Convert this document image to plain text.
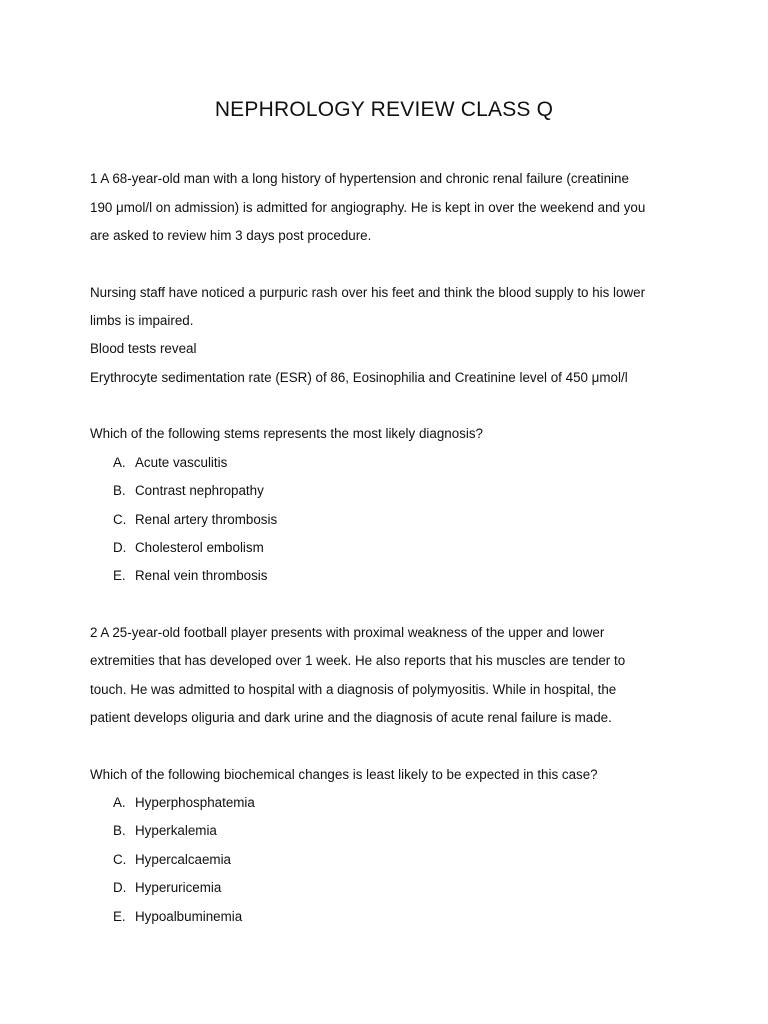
NEPHROLOGY REVIEW CLASS Q

1 A 68-year-old man with a long history of hypertension and chronic renal failure (creatinine

190 μmol/l on admission) is admitted for angiography. He is kept in over the weekend and you

are asked to review him 3 days post procedure.

Nursing staff have noticed a purpuric rash over his feet and think the blood supply to his lower

limbs is impaired.

Blood tests reveal

Erythrocyte sedimentation rate (ESR) of 86, Eosinophilia and Creatinine level of 450 μmol/l

Which of the following stems represents the most likely diagnosis?

A. Acute vasculitis
B. Contrast nephropathy
C. Renal artery thrombosis
D. Cholesterol embolism
E. Renal vein thrombosis

2 A 25-year-old football player presents with proximal weakness of the upper and lower

extremities that has developed over 1 week. He also reports that his muscles are tender to

touch. He was admitted to hospital with a diagnosis of polymyositis. While in hospital, the

patient develops oliguria and dark urine and the diagnosis of acute renal failure is made.

Which of the following biochemical changes is least likely to be expected in this case?

A. Hyperphosphatemia
B. Hyperkalemia
C. Hypercalcaemia
D. Hyperuricemia
E. Hypoalbuminemia
